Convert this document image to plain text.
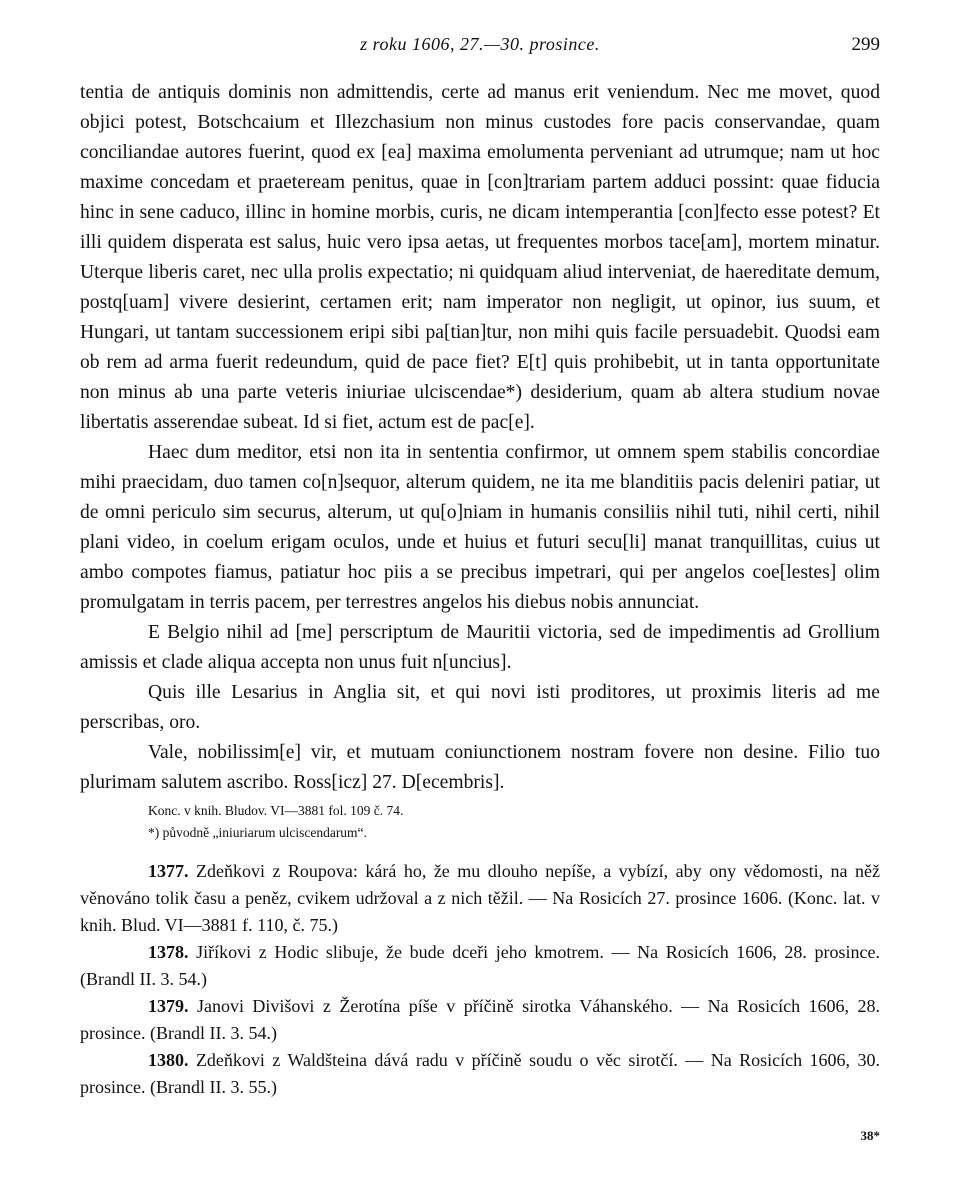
z roku 1606, 27.—30. prosince.	299

tentia de antiquis dominis non admittendis, certe ad manus erit veniendum. Nec me movet, quod objici potest, Botschcaium et Illezchasium non minus custodes fore pacis conservandae, quam conciliandae autores fuerint, quod ex [ea] maxima emolumenta perveniant ad utrumque; nam ut hoc maxime concedam et praeteream penitus, quae in [con]trariam partem adduci possint: quae fiducia hinc in sene caduco, illinc in homine morbis, curis, ne dicam intemperantia [con]fecto esse potest? Et illi quidem disperata est salus, huic vero ipsa aetas, ut frequentes morbos tace[am], mortem minatur. Uterque liberis caret, nec ulla prolis expectatio; ni quidquam aliud interveniat, de haereditate demum, postq[uam] vivere desierint, certamen erit; nam imperator non negligit, ut opinor, ius suum, et Hungari, ut tantam successionem eripi sibi pa[tian]tur, non mihi quis facile persuadebit. Quodsi eam ob rem ad arma fuerit redeundum, quid de pace fiet? E[t] quis prohibebit, ut in tanta opportunitate non minus ab una parte veteris iniuriae ulciscendae*) desiderium, quam ab altera studium novae libertatis asserendae subeat. Id si fiet, actum est de pac[e].

Haec dum meditor, etsi non ita in sententia confirmor, ut omnem spem stabilis concordiae mihi praecidam, duo tamen co[n]sequor, alterum quidem, ne ita me blanditiis pacis deleniri patiar, ut de omni periculo sim securus, alterum, ut qu[o]niam in humanis consiliis nihil tuti, nihil certi, nihil plani video, in coelum erigam oculos, unde et huius et futuri secu[li] manat tranquillitas, cuius ut ambo compotes fiamus, patiatur hoc piis a se precibus impetrari, qui per angelos coe[lestes] olim promulgatam in terris pacem, per terrestres angelos his diebus nobis annunciat.

E Belgio nihil ad [me] perscriptum de Mauritii victoria, sed de impedimentis ad Grollium amissis et clade aliqua accepta non unus fuit n[uncius].

Quis ille Lesarius in Anglia sit, et qui novi isti proditores, ut proximis literis ad me perscribas, oro.

Vale, nobilissim[e] vir, et mutuam coniunctionem nostram fovere non desine. Filio tuo plurimam salutem ascribo. Ross[icz] 27. D[ecembris].

Konc. v knih. Bludov. VI—3881 fol. 109 č. 74.
*) původně „iniuriarum ulciscendarum“.

1377. Zdeňkovi z Roupova: kárá ho, že mu dlouho nepíše, a vybízí, aby ony vědomosti, na něž věnováno tolik času a peněz, cvikem udržoval a z nich těžil. — Na Rosicích 27. prosince 1606. (Konc. lat. v knih. Blud. VI—3881 f. 110, č. 75.)

1378. Jiříkovi z Hodic slibuje, že bude dceři jeho kmotrem. — Na Rosicích 1606, 28. prosince. (Brandl II. 3. 54.)

1379. Janovi Divišovi z Žerotína píše v příčině sirotka Váhanského. — Na Rosicích 1606, 28. prosince. (Brandl II. 3. 54.)

1380. Zdeňkovi z Waldšteina dává radu v příčině soudu o věc sirotčí. — Na Rosicích 1606, 30. prosince. (Brandl II. 3. 55.)

38*
